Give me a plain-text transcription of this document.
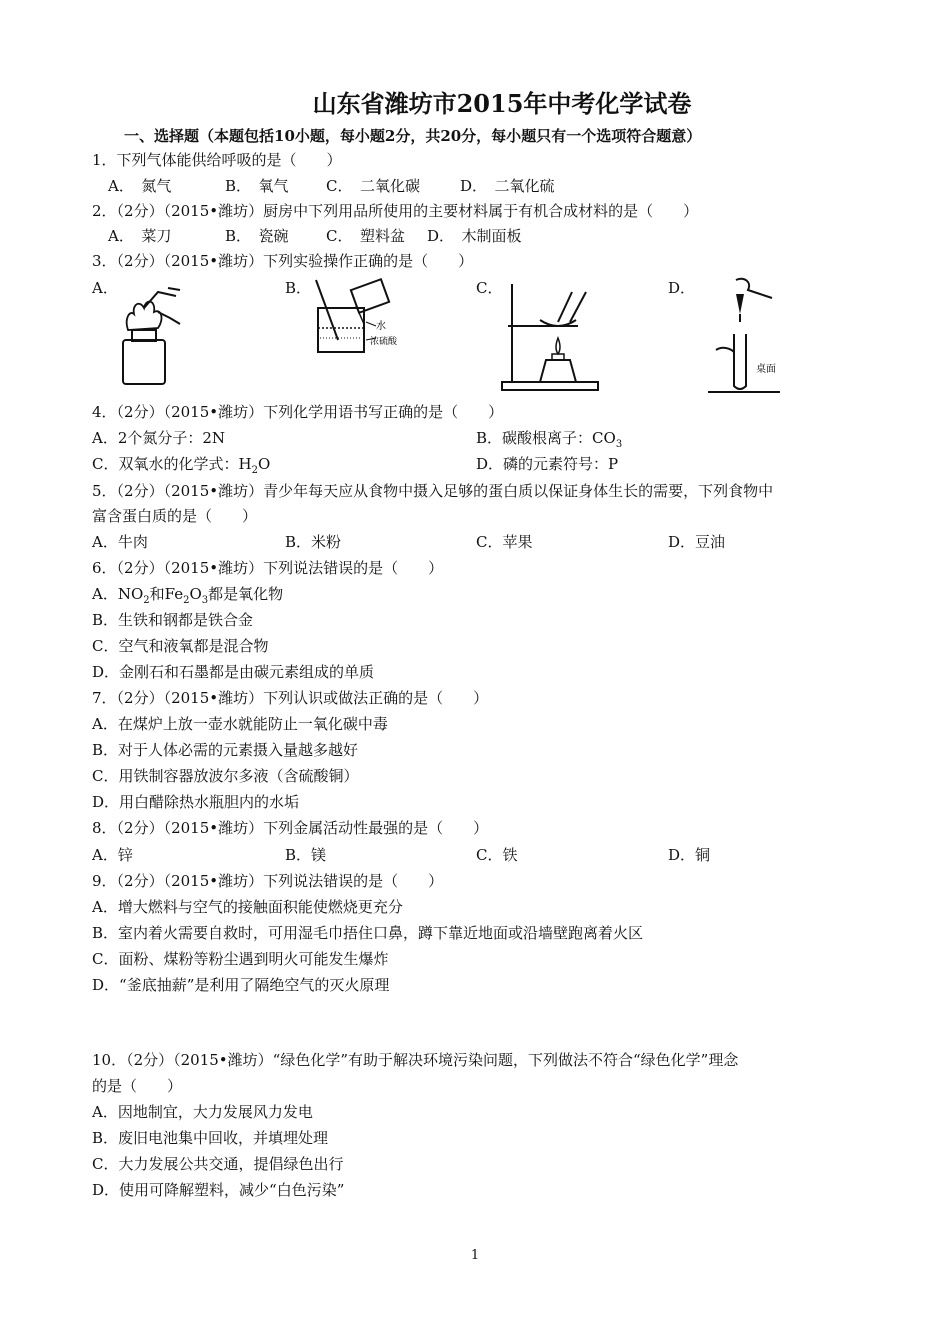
山东省潍坊市2015年中考化学试卷
一、选择题（本题包括10小题，每小题2分，共20分，每小题只有一个选项符合题意）
1．下列气体能供给呼吸的是（　　）
A．　氮气	B．　氧气 C．　二氧化碳	D．　二氧化硫
2．（2分）（2015•潍坊）厨房中下列用品所使用的主要材料属于有机合成材料的是（　　）
A．　菜刀	B．　瓷碗 C．　塑料盆 D．　木制面板
3．（2分）（2015•潍坊）下列实验操作正确的是（　　）
A．	B．	C．	D．
水
浓硫酸
桌面
4．（2分）（2015•潍坊）下列化学用语书写正确的是（　　）
A．2个氮分子：2N	B．碳酸根离子：$CO_3$
C．双氧水的化学式：$H_2O$	D．磷的元素符号：P
5．（2分）（2015•潍坊）青少年每天应从食物中摄入足够的蛋白质以保证身体生长的需要，下列食物中
富含蛋白质的是（　　）
A．牛肉	B．米粉	C．苹果	D．豆油
6．（2分）（2015•潍坊）下列说法错误的是（　　）
A．$NO_2$和$Fe_2O_3$都是氧化物
B．生铁和钢都是铁合金
C．空气和液氧都是混合物
D．金刚石和石墨都是由碳元素组成的单质
7．（2分）（2015•潍坊）下列认识或做法正确的是（　　）
A．在煤炉上放一壶水就能防止一氧化碳中毒
B．对于人体必需的元素摄入量越多越好
C．用铁制容器放波尔多液（含硫酸铜）
D．用白醋除热水瓶胆内的水垢
8．（2分）（2015•潍坊）下列金属活动性最强的是（　　）
A．锌	B．镁	C．铁	D．铜
9．（2分）（2015•潍坊）下列说法错误的是（　　）
A．增大燃料与空气的接触面积能使燃烧更充分
B．室内着火需要自救时，可用湿毛巾捂住口鼻，蹲下靠近地面或沿墙壁跑离着火区
C．面粉、煤粉等粉尘遇到明火可能发生爆炸
D．“釜底抽薪”是利用了隔绝空气的灭火原理
10．（2分）（2015•潍坊）“绿色化学”有助于解决环境污染问题，下列做法不符合“绿色化学”理念
的是（　　）
A．因地制宜，大力发展风力发电
B．废旧电池集中回收，并填埋处理
C．大力发展公共交通，提倡绿色出行
D．使用可降解塑料，减少“白色污染”
1
